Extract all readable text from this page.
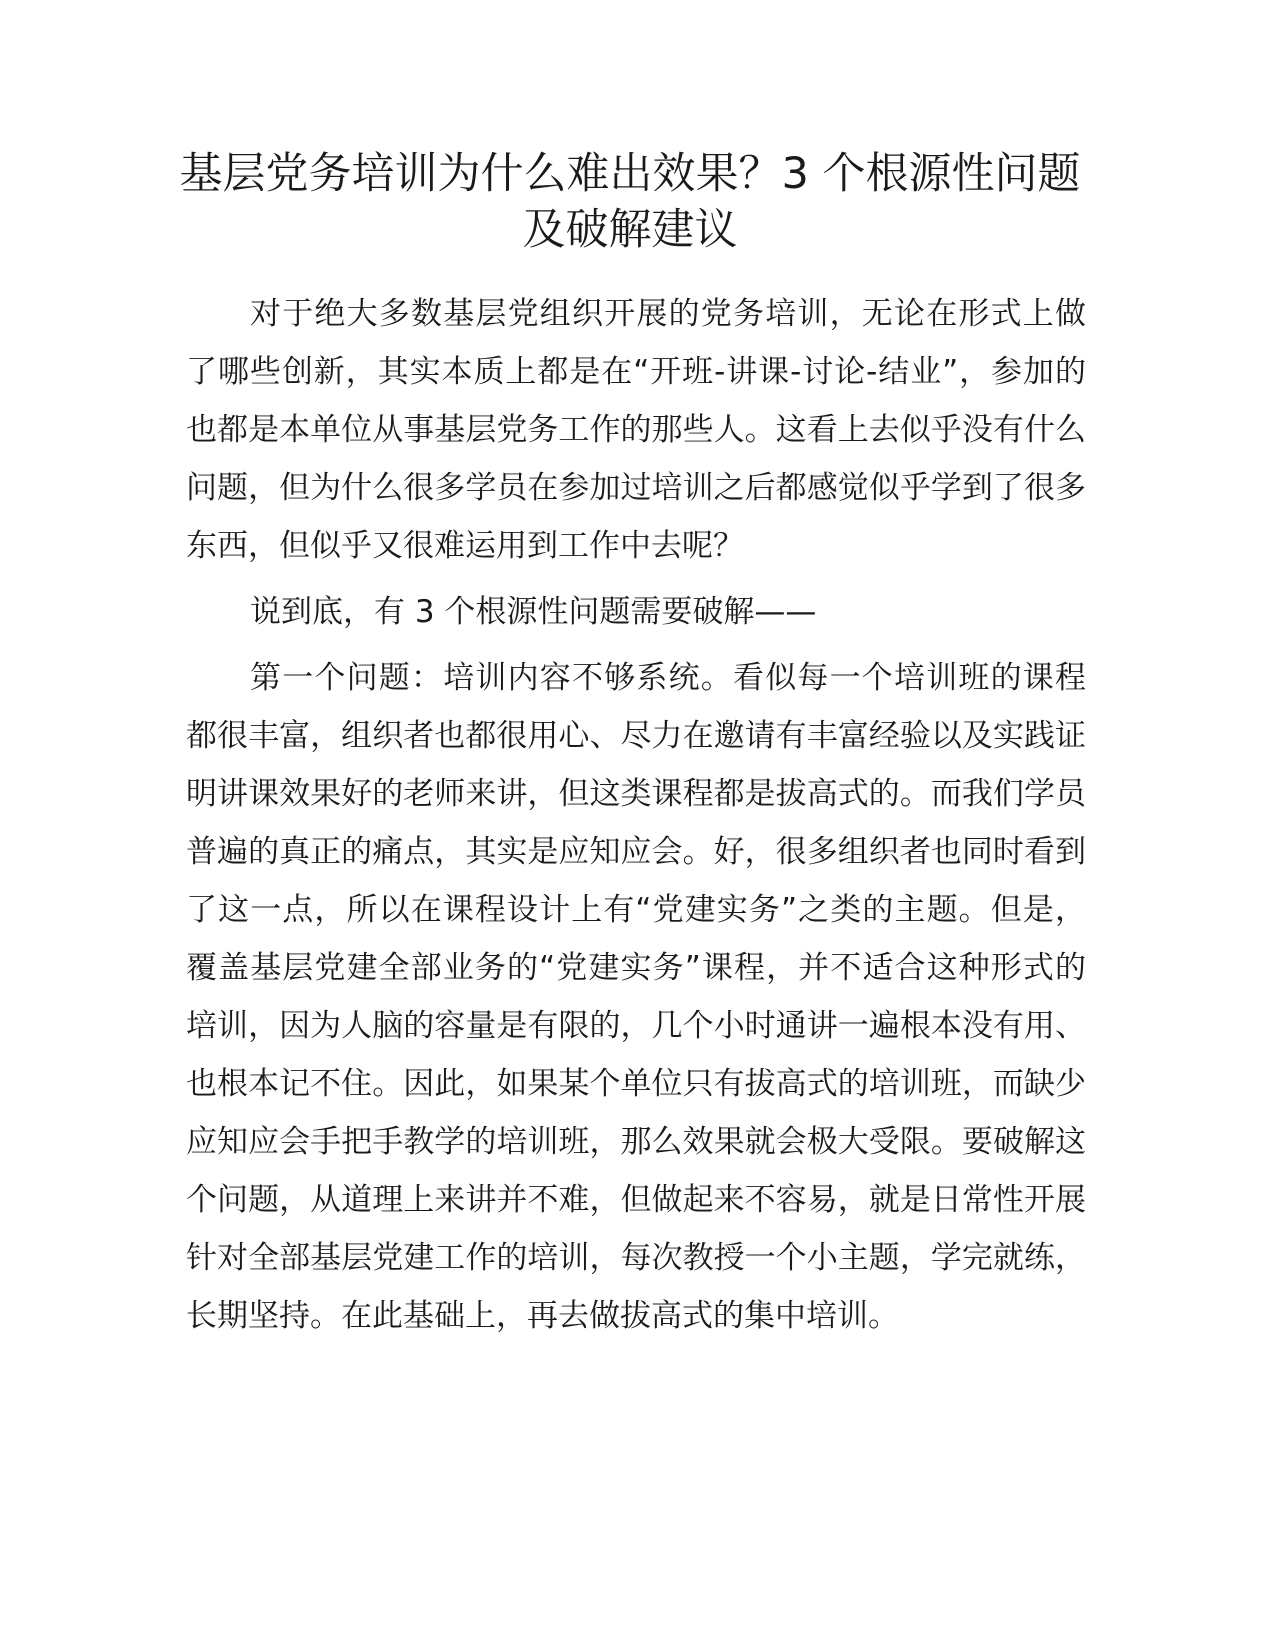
基层党务培训为什么难出效果？3 个根源性问题及破解建议

对于绝大多数基层党组织开展的党务培训，无论在形式上做了哪些创新，其实本质上都是在“开班-讲课-讨论-结业”，参加的也都是本单位从事基层党务工作的那些人。这看上去似乎没有什么问题，但为什么很多学员在参加过培训之后都感觉似乎学到了很多东西，但似乎又很难运用到工作中去呢？

说到底，有 3 个根源性问题需要破解——

第一个问题：培训内容不够系统。看似每一个培训班的课程都很丰富，组织者也都很用心、尽力在邀请有丰富经验以及实践证明讲课效果好的老师来讲，但这类课程都是拔高式的。而我们学员普遍的真正的痛点，其实是应知应会。好，很多组织者也同时看到了这一点，所以在课程设计上有“党建实务”之类的主题。但是，覆盖基层党建全部业务的“党建实务”课程，并不适合这种形式的培训，因为人脑的容量是有限的，几个小时通讲一遍根本没有用、也根本记不住。因此，如果某个单位只有拔高式的培训班，而缺少应知应会手把手教学的培训班，那么效果就会极大受限。要破解这个问题，从道理上来讲并不难，但做起来不容易，就是日常性开展针对全部基层党建工作的培训，每次教授一个小主题，学完就练，长期坚持。在此基础上，再去做拔高式的集中培训。
